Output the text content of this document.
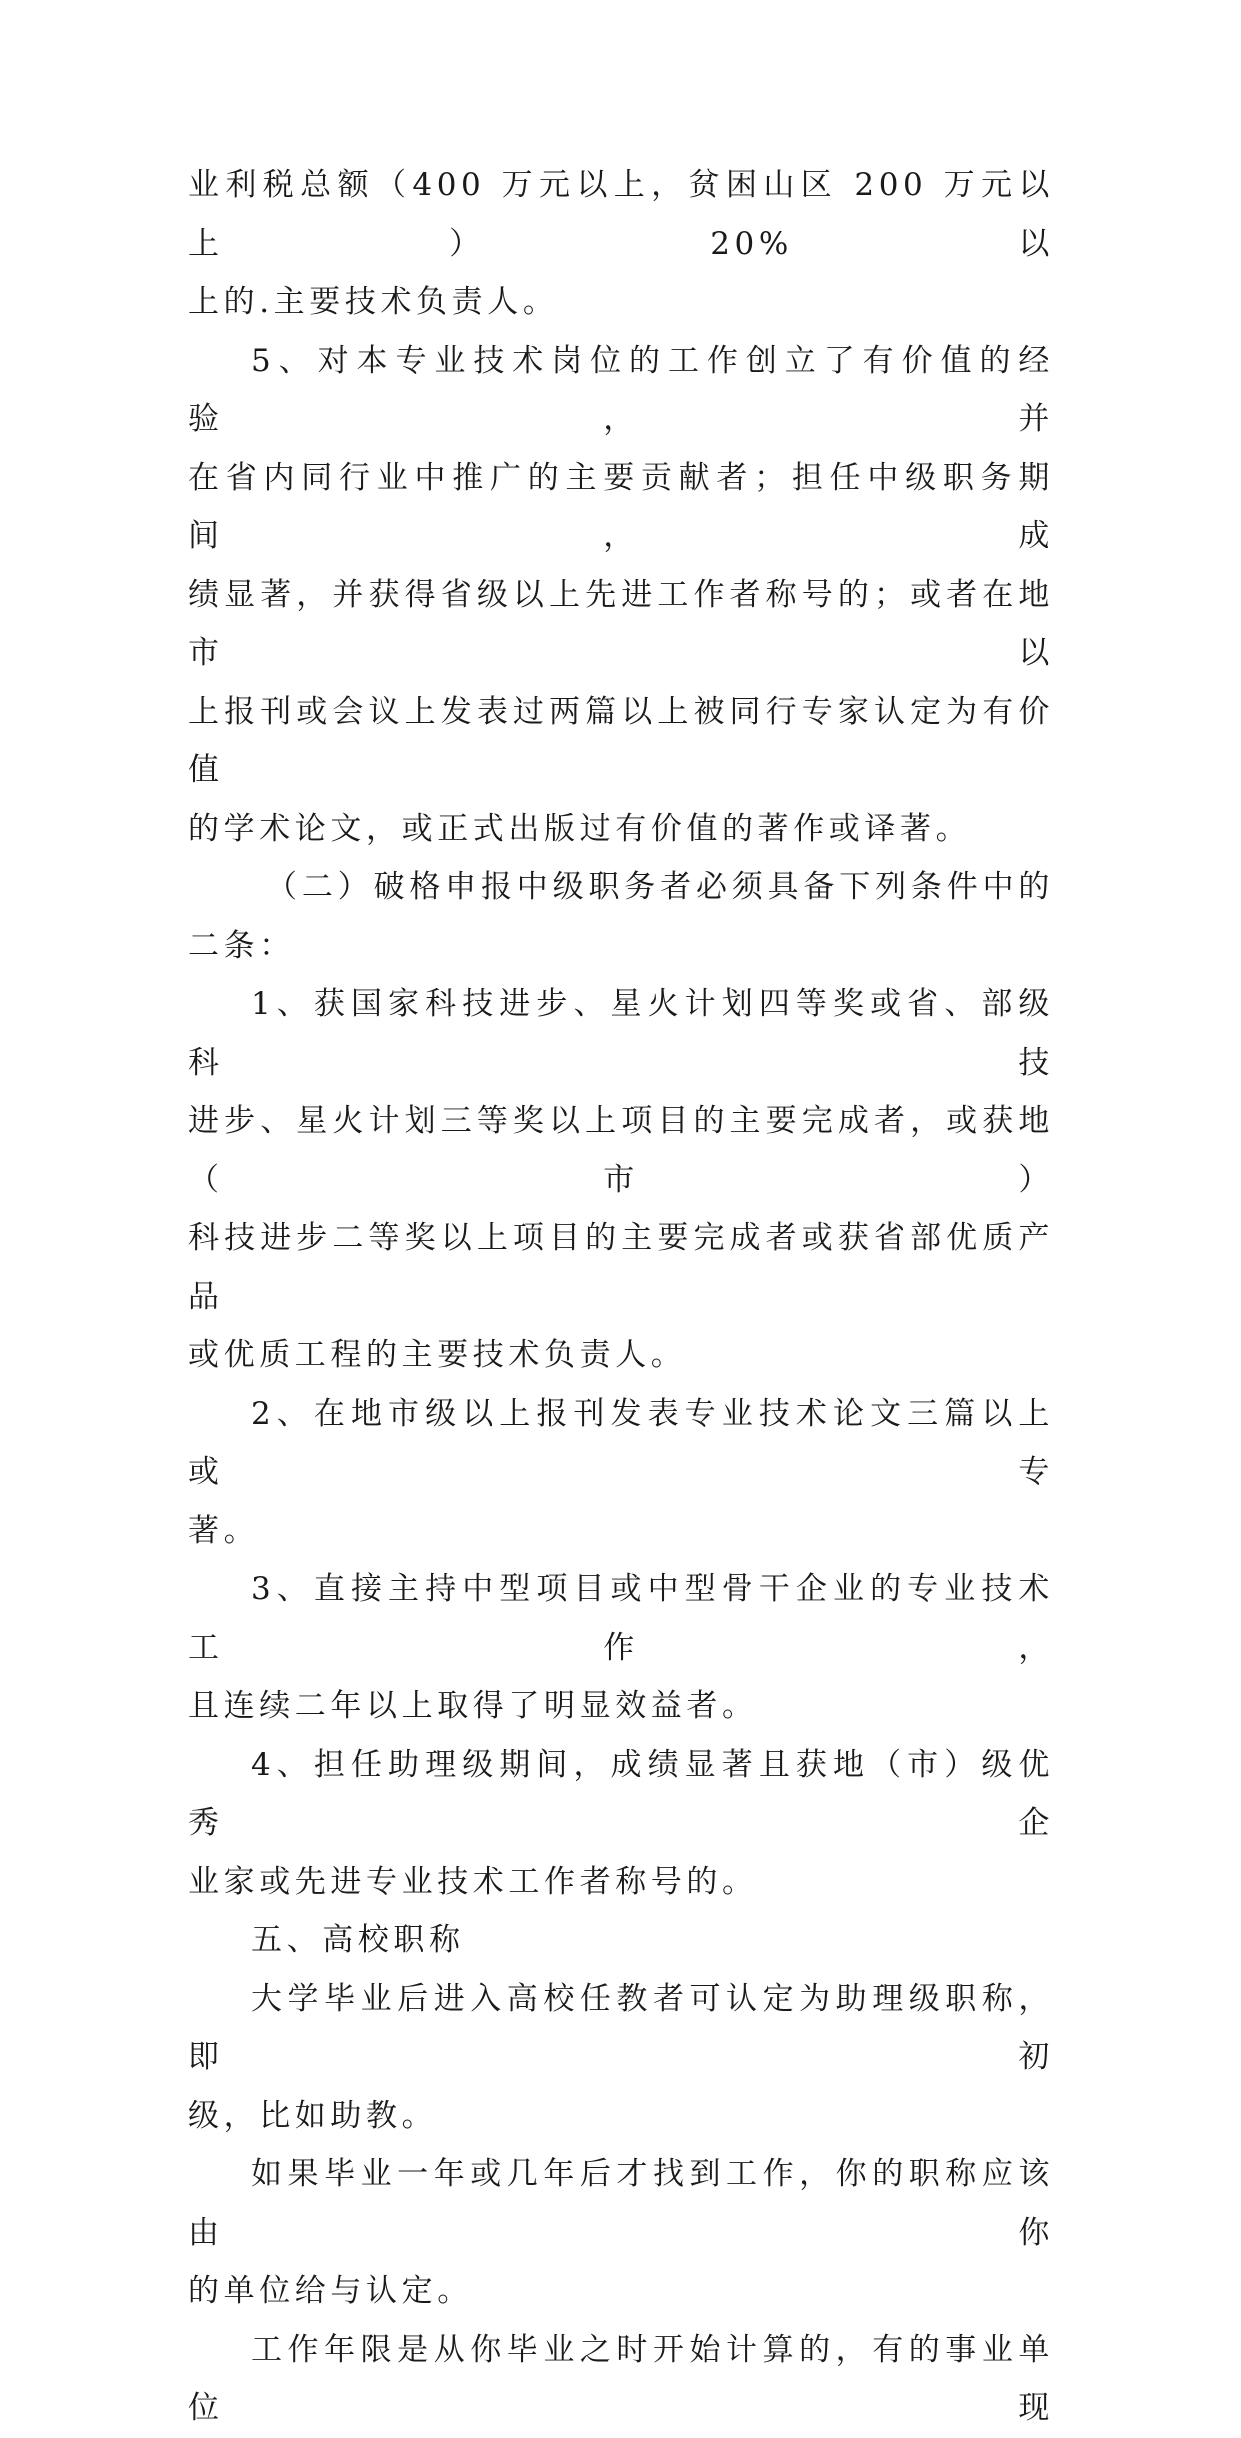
业利税总额（400 万元以上，贫困山区 200 万元以上）20%以
上的.主要技术负责人。

5、对本专业技术岗位的工作创立了有价值的经验，并
在省内同行业中推广的主要贡献者；担任中级职务期间，成
绩显著，并获得省级以上先进工作者称号的；或者在地市以
上报刊或会议上发表过两篇以上被同行专家认定为有价值
的学术论文，或正式出版过有价值的著作或译著。

（二）破格申报中级职务者必须具备下列条件中的二条：

1、获国家科技进步、星火计划四等奖或省、部级科技
进步、星火计划三等奖以上项目的主要完成者，或获地（市）
科技进步二等奖以上项目的主要完成者或获省部优质产品
或优质工程的主要技术负责人。

2、在地市级以上报刊发表专业技术论文三篇以上或专
著。

3、直接主持中型项目或中型骨干企业的专业技术工作，
且连续二年以上取得了明显效益者。

4、担任助理级期间，成绩显著且获地（市）级优秀企
业家或先进专业技术工作者称号的。

五、高校职称

大学毕业后进入高校任教者可认定为助理级职称，即初
级，比如助教。

如果毕业一年或几年后才找到工作，你的职称应该由你
的单位给与认定。

工作年限是从你毕业之时开始计算的，有的事业单位现
